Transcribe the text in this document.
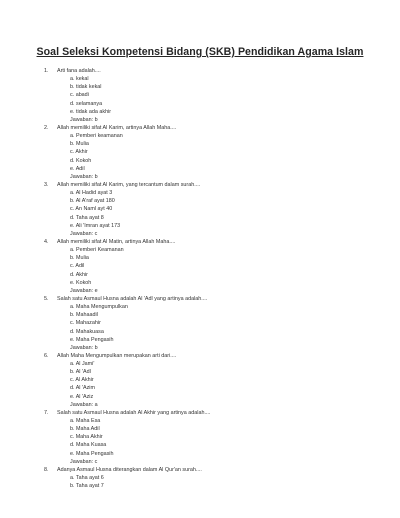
Soal Seleksi Kompetensi Bidang (SKB) Pendidikan Agama Islam
1. Arti fana adalah....
a. kekal
b. tidak kekal
c. abadi
d. selamanya
e. tidak ada akhir
Jawaban: b
2. Allah memiliki sifat Al Karim, artinya Allah Maha....
a. Pemberi keamanan
b. Mulia
c. Akhir
d. Kokoh
e. Adil
Jawaban: b
3. Allah memiliki sifat Al Karim, yang tercantum dalam surah....
a. Al Hadid ayat 3
b. Al A'raf ayat 180
c. An Naml ayt 40
d. Taha ayat 8
e. Ali 'Imran ayat 173
Jawaban: c
4. Allah memiliki sifat Al Matin, artinya Allah Maha....
a. Pemberi Keamanan
b. Mulia
c. Adil
d. Akhir
e. Kokoh
Jawaban: e
5. Salah satu Asmaul Husna adalah Al 'Adl yang artinya adalah....
a. Maha Mengumpulkan
b. Mahaadil
c. Mahazahir
d. Mahakuasa
e. Maha Pengasih
Jawaban: b
6. Allah Maha Mengumpulkan merupakan arti dari....
a. Al Jami'
b. Al 'Adl
c. Al Akhir
d. Al 'Azim
e. Al 'Aziz
Jawaban: a
7. Salah satu Asmaul Husna adalah Al Akhir yang artinya adalah....
a. Maha Esa
b. Maha Adil
c. Maha Akhir
d. Maha Kuasa
e. Maha Pengasih
Jawaban: c
8. Adanya Asmaul Husna diterangkan dalam Al Qur'an surah....
a. Taha ayat 6
b. Taha ayat 7
